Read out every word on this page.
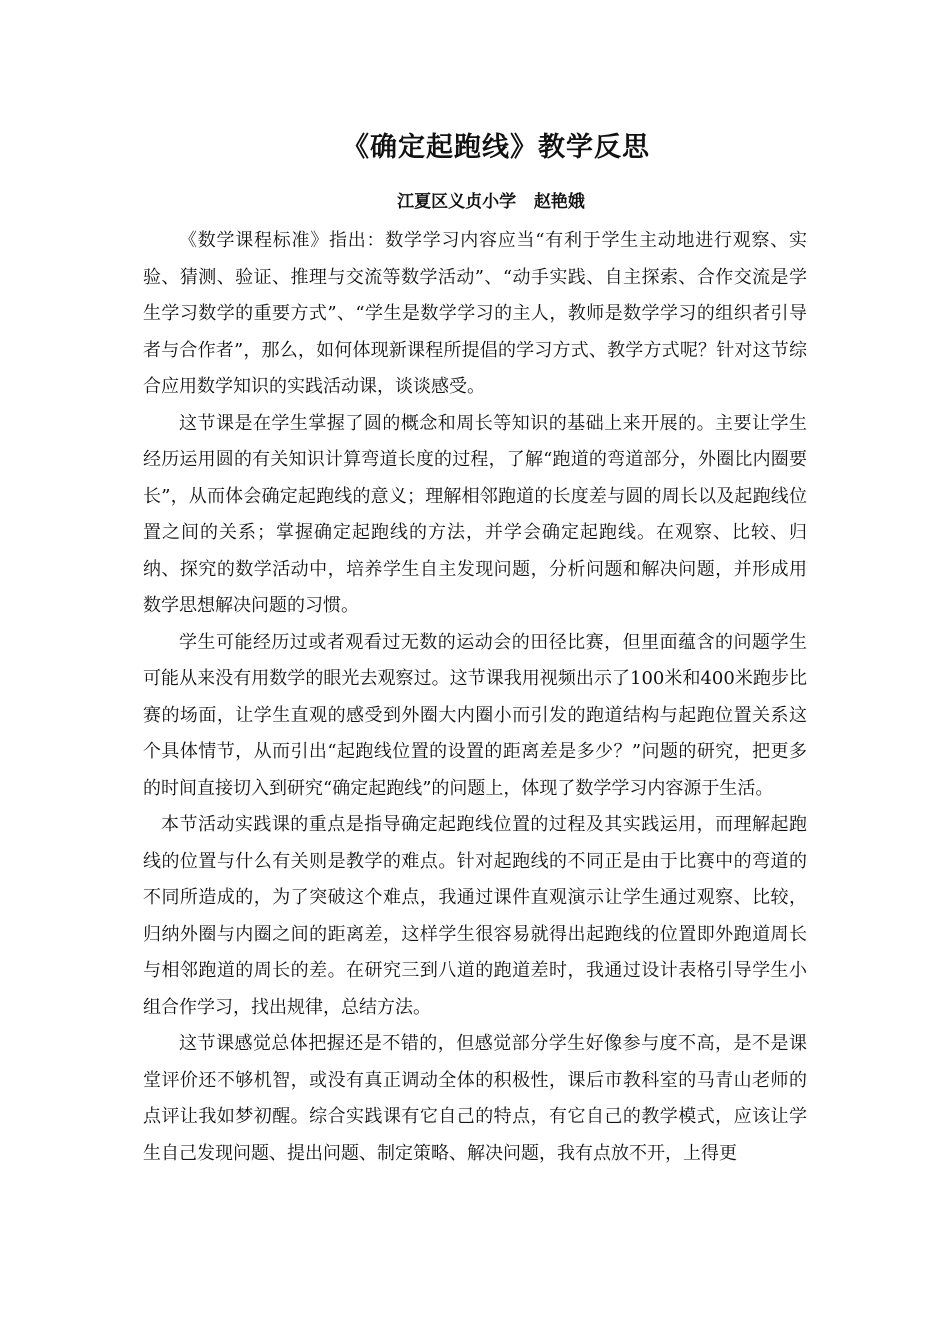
《确定起跑线》教学反思
江夏区义贞小学   赵艳娥

《数学课程标准》指出：数学学习内容应当“有利于学生主动地进行观察、实验、猜测、验证、推理与交流等数学活动”、“动手实践、自主探索、合作交流是学生学习数学的重要方式”、“学生是数学学习的主人，教师是数学学习的组织者引导者与合作者”，那么，如何体现新课程所提倡的学习方式、教学方式呢？针对这节综合应用数学知识的实践活动课，谈谈感受。

这节课是在学生掌握了圆的概念和周长等知识的基础上来开展的。主要让学生经历运用圆的有关知识计算弯道长度的过程，了解“跑道的弯道部分，外圈比内圈要长”，从而体会确定起跑线的意义；理解相邻跑道的长度差与圆的周长以及起跑线位置之间的关系；掌握确定起跑线的方法，并学会确定起跑线。在观察、比较、归纳、探究的数学活动中，培养学生自主发现问题，分析问题和解决问题，并形成用数学思想解决问题的习惯。

学生可能经历过或者观看过无数的运动会的田径比赛，但里面蕴含的问题学生可能从来没有用数学的眼光去观察过。这节课我用视频出示了100米和400米跑步比赛的场面，让学生直观的感受到外圈大内圈小而引发的跑道结构与起跑位置关系这个具体情节，从而引出“起跑线位置的设置的距离差是多少？”问题的研究，把更多的时间直接切入到研究“确定起跑线”的问题上，体现了数学学习内容源于生活。

本节活动实践课的重点是指导确定起跑线位置的过程及其实践运用，而理解起跑线的位置与什么有关则是教学的难点。针对起跑线的不同正是由于比赛中的弯道的不同所造成的，为了突破这个难点，我通过课件直观演示让学生通过观察、比较，归纳外圈与内圈之间的距离差，这样学生很容易就得出起跑线的位置即外跑道周长与相邻跑道的周长的差。在研究三到八道的跑道差时，我通过设计表格引导学生小组合作学习，找出规律，总结方法。

这节课感觉总体把握还是不错的，但感觉部分学生好像参与度不高，是不是课堂评价还不够机智，或没有真正调动全体的积极性，课后市教科室的马青山老师的点评让我如梦初醒。综合实践课有它自己的特点，有它自己的教学模式，应该让学生自己发现问题、提出问题、制定策略、解决问题，我有点放不开，上得更
